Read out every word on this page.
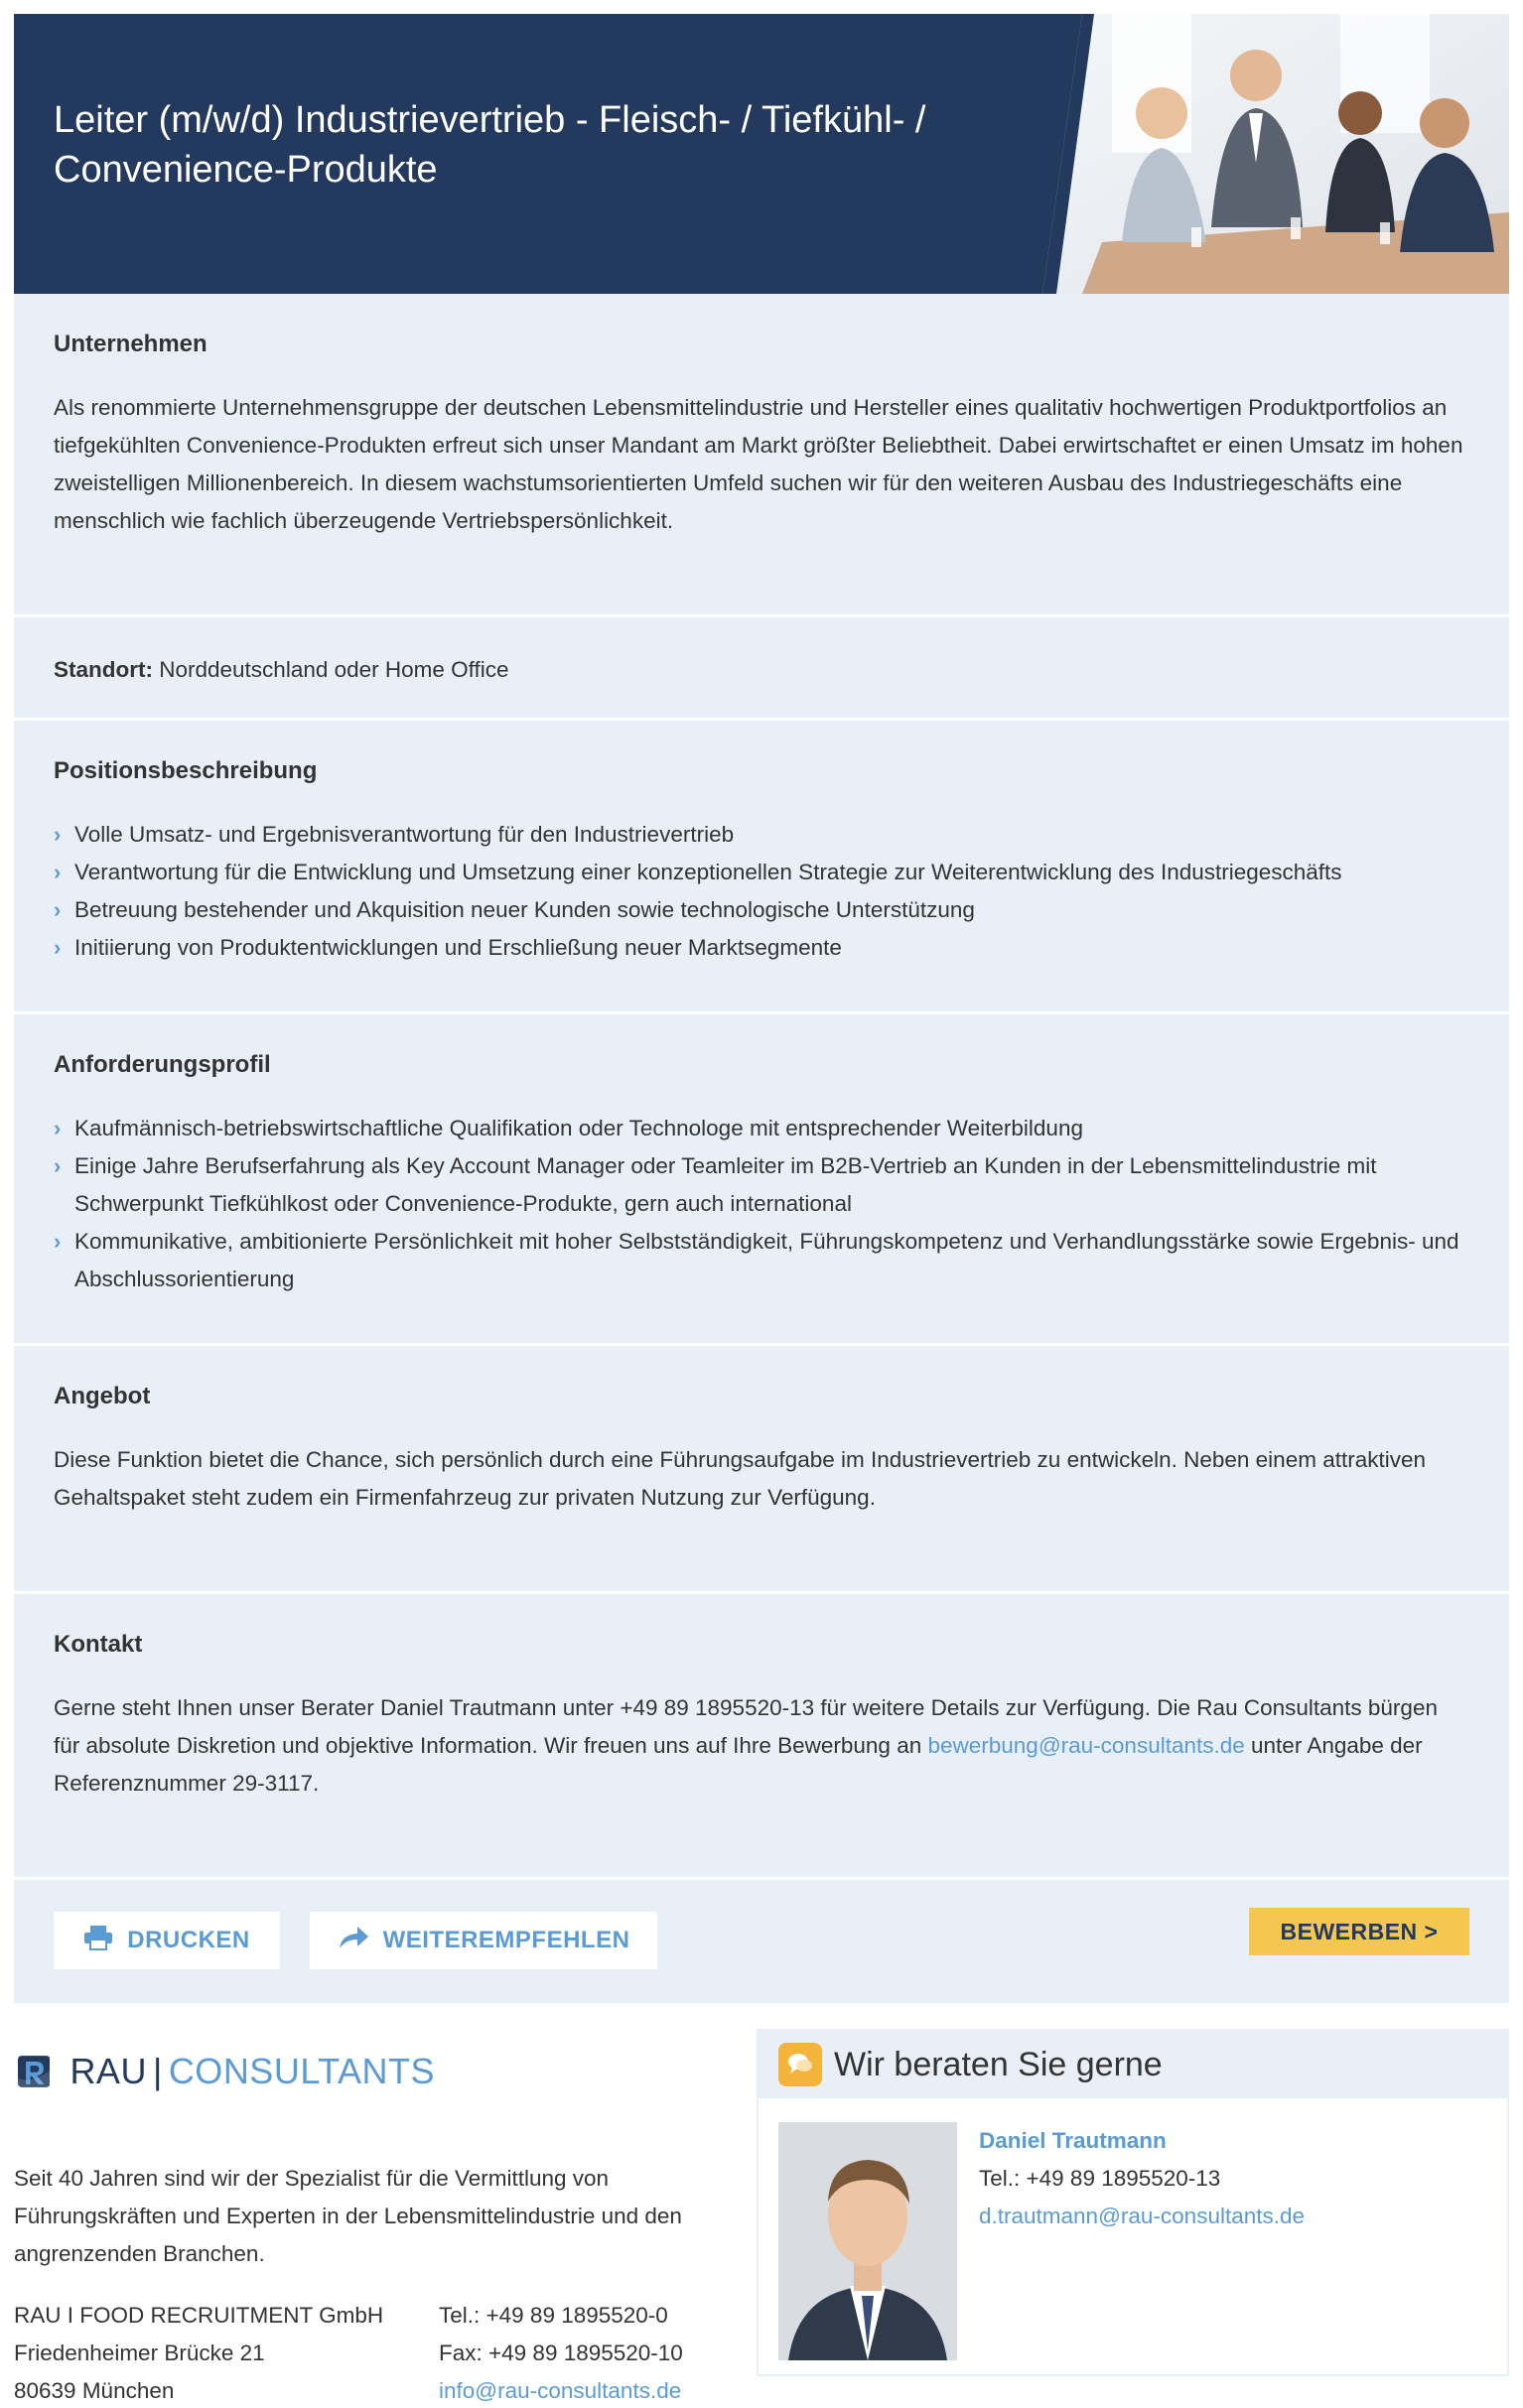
Leiter (m/w/d) Industrievertrieb - Fleisch- / Tiefkühl- / Convenience-Produkte
Unternehmen

Als renommierte Unternehmensgruppe der deutschen Lebensmittelindustrie und Hersteller eines qualitativ hochwertigen Produktportfolios an tiefgekühlten Convenience-Produkten erfreut sich unser Mandant am Markt größter Beliebtheit. Dabei erwirtschaftet er einen Umsatz im hohen zweistelligen Millionenbereich. In diesem wachstumsorientierten Umfeld suchen wir für den weiteren Ausbau des Industriegeschäfts eine menschlich wie fachlich überzeugende Vertriebspersönlichkeit.

Standort: Norddeutschland oder Home Office

Positionsbeschreibung
› Volle Umsatz- und Ergebnisverantwortung für den Industrievertrieb
› Verantwortung für die Entwicklung und Umsetzung einer konzeptionellen Strategie zur Weiterentwicklung des Industriegeschäfts
› Betreuung bestehender und Akquisition neuer Kunden sowie technologische Unterstützung
› Initiierung von Produktentwicklungen und Erschließung neuer Marktsegmente
Anforderungsprofil
› Kaufmännisch-betriebswirtschaftliche Qualifikation oder Technologe mit entsprechender Weiterbildung
› Einige Jahre Berufserfahrung als Key Account Manager oder Teamleiter im B2B-Vertrieb an Kunden in der Lebensmittelindustrie mit Schwerpunkt Tiefkühlkost oder Convenience-Produkte, gern auch international
› Kommunikative, ambitionierte Persönlichkeit mit hoher Selbstständigkeit, Führungskompetenz und Verhandlungsstärke sowie Ergebnis- und Abschlussorientierung
Angebot

Diese Funktion bietet die Chance, sich persönlich durch eine Führungsaufgabe im Industrievertrieb zu entwickeln. Neben einem attraktiven Gehaltspaket steht zudem ein Firmenfahrzeug zur privaten Nutzung zur Verfügung.

Kontakt

Gerne steht Ihnen unser Berater Daniel Trautmann unter +49 89 1895520-13 für weitere Details zur Verfügung. Die Rau Consultants bürgen für absolute Diskretion und objektive Information. Wir freuen uns auf Ihre Bewerbung an bewerbung@rau-consultants.de unter Angabe der Referenznummer 29-3117.

DRUCKEN	WEITEREMPFEHLEN	BEWERBEN >
RAU | CONSULTANTS

Seit 40 Jahren sind wir der Spezialist für die Vermittlung von Führungskräften und Experten in der Lebensmittelindustrie und den angrenzenden Branchen.

RAU I FOOD RECRUITMENT GmbH
Friedenheimer Brücke 21
80639 München
Tel.: +49 89 1895520-0
Fax: +49 89 1895520-10
info@rau-consultants.de
Wir beraten Sie gerne
Daniel Trautmann
Tel.: +49 89 1895520-13
d.trautmann@rau-consultants.de
